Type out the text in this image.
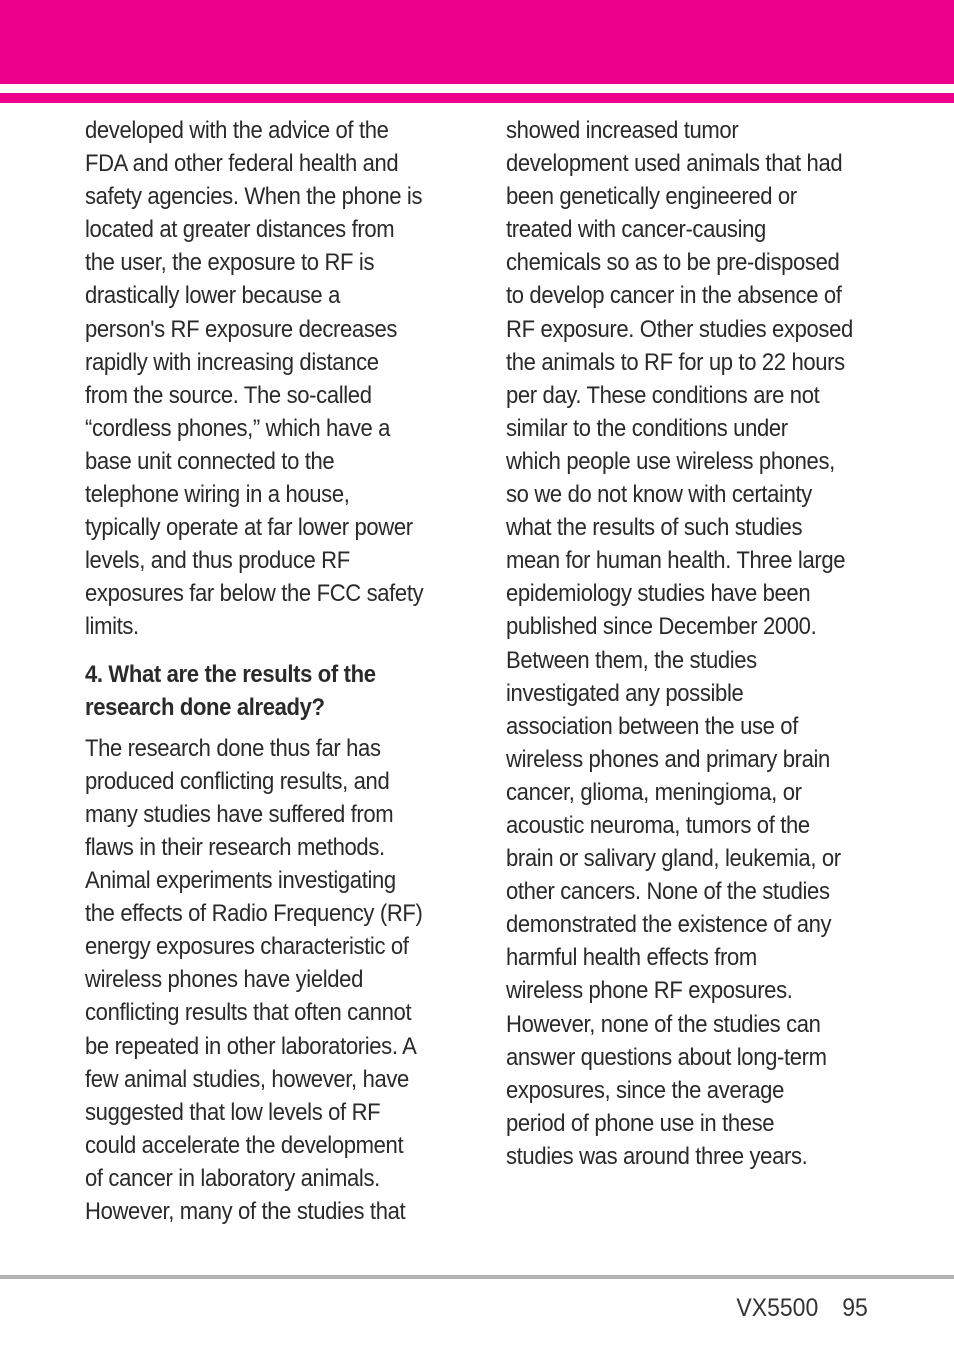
developed with the advice of the
FDA and other federal health and
safety agencies. When the phone is
located at greater distances from
the user, the exposure to RF is
drastically lower because a
person's RF exposure decreases
rapidly with increasing distance
from the source. The so-called
“cordless phones,” which have a
base unit connected to the
telephone wiring in a house,
typically operate at far lower power
levels, and thus produce RF
exposures far below the FCC safety
limits.
4. What are the results of the
research done already?
The research done thus far has
produced conflicting results, and
many studies have suffered from
flaws in their research methods.
Animal experiments investigating
the effects of Radio Frequency (RF)
energy exposures characteristic of
wireless phones have yielded
conflicting results that often cannot
be repeated in other laboratories. A
few animal studies, however, have
suggested that low levels of RF
could accelerate the development
of cancer in laboratory animals.
However, many of the studies that
showed increased tumor
development used animals that had
been genetically engineered or
treated with cancer-causing
chemicals so as to be pre-disposed
to develop cancer in the absence of
RF exposure. Other studies exposed
the animals to RF for up to 22 hours
per day. These conditions are not
similar to the conditions under
which people use wireless phones,
so we do not know with certainty
what the results of such studies
mean for human health. Three large
epidemiology studies have been
published since December 2000.
Between them, the studies
investigated any possible
association between the use of
wireless phones and primary brain
cancer, glioma, meningioma, or
acoustic neuroma, tumors of the
brain or salivary gland, leukemia, or
other cancers. None of the studies
demonstrated the existence of any
harmful health effects from
wireless phone RF exposures.
However, none of the studies can
answer questions about long-term
exposures, since the average
period of phone use in these
studies was around three years.
VX5500 95
